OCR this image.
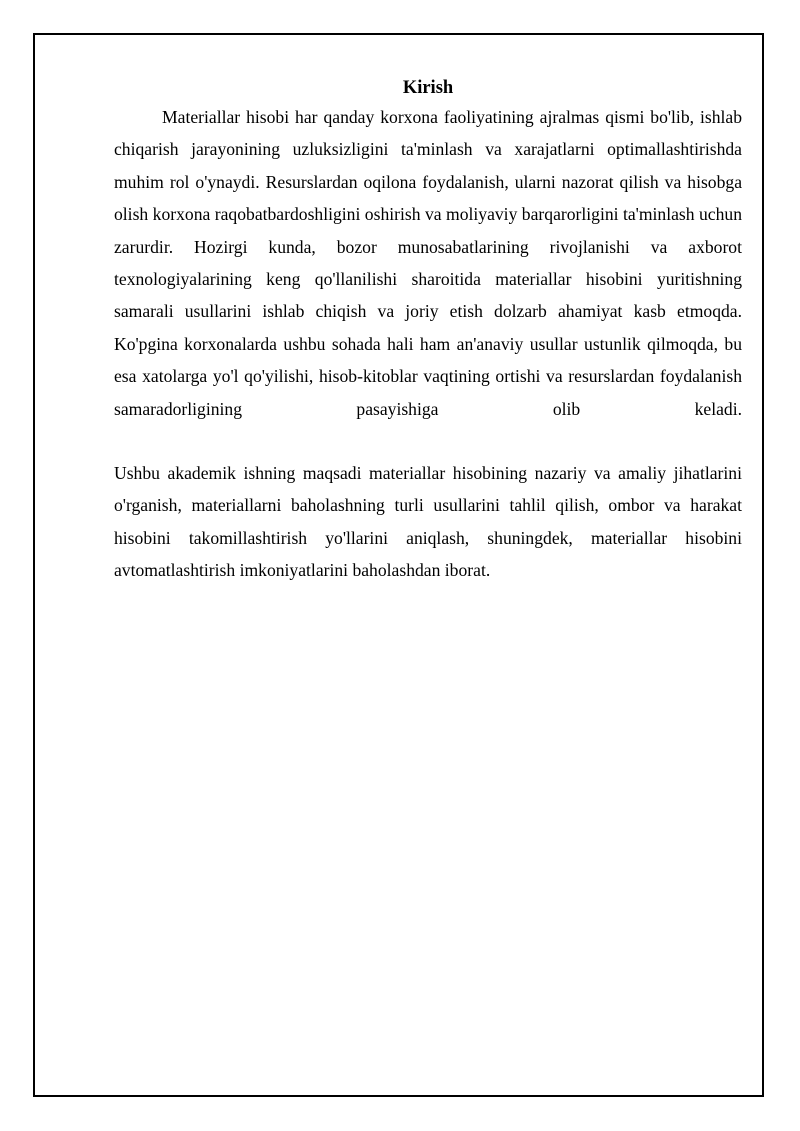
Kirish

Materiallar hisobi har qanday korxona faoliyatining ajralmas qismi bo'lib, ishlab chiqarish jarayonining uzluksizligini ta'minlash va xarajatlarni optimallashtirishda muhim rol o'ynaydi. Resurslardan oqilona foydalanish, ularni nazorat qilish va hisobga olish korxona raqobatbardoshligini oshirish va moliyaviy barqarorligini ta'minlash uchun zarurdir. Hozirgi kunda, bozor munosabatlarining rivojlanishi va axborot texnologiyalarining keng qo'llanilishi sharoitida materiallar hisobini yuritishning samarali usullarini ishlab chiqish va joriy etish dolzarb ahamiyat kasb etmoqda. Ko'pgina korxonalarda ushbu sohada hali ham an'anaviy usullar ustunlik qilmoqda, bu esa xatolarga yo'l qo'yilishi, hisob-kitoblar vaqtining ortishi va resurslardan foydalanish samaradorligining pasayishiga olib keladi.

Ushbu akademik ishning maqsadi materiallar hisobining nazariy va amaliy jihatlarini o'rganish, materiallarni baholashning turli usullarini tahlil qilish, ombor va harakat hisobini takomillashtirish yo'llarini aniqlash, shuningdek, materiallar hisobini avtomatlashtirish imkoniyatlarini baholashdan iborat.
